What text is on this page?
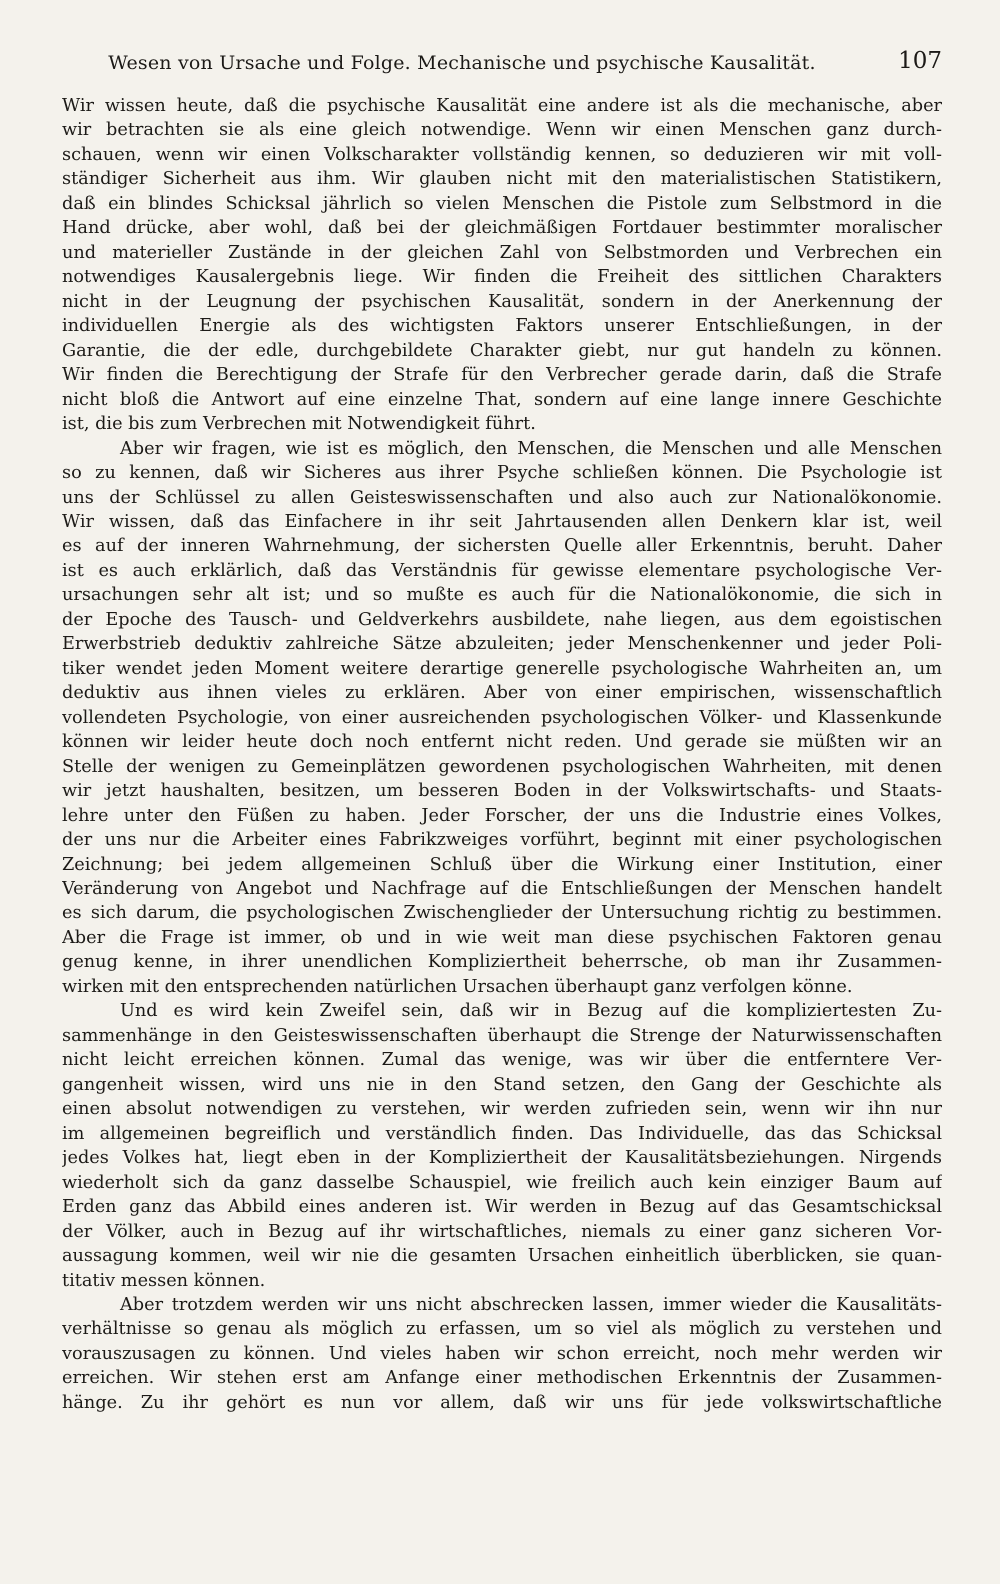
Wesen von Ursache und Folge. Mechanische und psychische Kausalität.	107
Wir wissen heute, daß die psychische Kausalität eine andere ist als die mechanische, aber
wir betrachten sie als eine gleich notwendige. Wenn wir einen Menschen ganz durch-
schauen, wenn wir einen Volkscharakter vollständig kennen, so deduzieren wir mit voll-
ständiger Sicherheit aus ihm. Wir glauben nicht mit den materialistischen Statistikern,
daß ein blindes Schicksal jährlich so vielen Menschen die Pistole zum Selbstmord in die
Hand drücke, aber wohl, daß bei der gleichmäßigen Fortdauer bestimmter moralischer
und materieller Zustände in der gleichen Zahl von Selbstmorden und Verbrechen ein
notwendiges Kausalergebnis liege. Wir finden die Freiheit des sittlichen Charakters
nicht in der Leugnung der psychischen Kausalität, sondern in der Anerkennung der
individuellen Energie als des wichtigsten Faktors unserer Entschließungen, in der
Garantie, die der edle, durchgebildete Charakter giebt, nur gut handeln zu können.
Wir finden die Berechtigung der Strafe für den Verbrecher gerade darin, daß die Strafe
nicht bloß die Antwort auf eine einzelne That, sondern auf eine lange innere Geschichte
ist, die bis zum Verbrechen mit Notwendigkeit führt.
Aber wir fragen, wie ist es möglich, den Menschen, die Menschen und alle Menschen
so zu kennen, daß wir Sicheres aus ihrer Psyche schließen können. Die Psychologie ist
uns der Schlüssel zu allen Geisteswissenschaften und also auch zur Nationalökonomie.
Wir wissen, daß das Einfachere in ihr seit Jahrtausenden allen Denkern klar ist, weil
es auf der inneren Wahrnehmung, der sichersten Quelle aller Erkenntnis, beruht. Daher
ist es auch erklärlich, daß das Verständnis für gewisse elementare psychologische Ver-
ursachungen sehr alt ist; und so mußte es auch für die Nationalökonomie, die sich in
der Epoche des Tausch- und Geldverkehrs ausbildete, nahe liegen, aus dem egoistischen
Erwerbstrieb deduktiv zahlreiche Sätze abzuleiten; jeder Menschenkenner und jeder Poli-
tiker wendet jeden Moment weitere derartige generelle psychologische Wahrheiten an, um
deduktiv aus ihnen vieles zu erklären. Aber von einer empirischen, wissenschaftlich
vollendeten Psychologie, von einer ausreichenden psychologischen Völker- und Klassenkunde
können wir leider heute doch noch entfernt nicht reden. Und gerade sie müßten wir an
Stelle der wenigen zu Gemeinplätzen gewordenen psychologischen Wahrheiten, mit denen
wir jetzt haushalten, besitzen, um besseren Boden in der Volkswirtschafts- und Staats-
lehre unter den Füßen zu haben. Jeder Forscher, der uns die Industrie eines Volkes,
der uns nur die Arbeiter eines Fabrikzweiges vorführt, beginnt mit einer psychologischen
Zeichnung; bei jedem allgemeinen Schluß über die Wirkung einer Institution, einer
Veränderung von Angebot und Nachfrage auf die Entschließungen der Menschen handelt
es sich darum, die psychologischen Zwischenglieder der Untersuchung richtig zu bestimmen.
Aber die Frage ist immer, ob und in wie weit man diese psychischen Faktoren genau
genug kenne, in ihrer unendlichen Kompliziertheit beherrsche, ob man ihr Zusammen-
wirken mit den entsprechenden natürlichen Ursachen überhaupt ganz verfolgen könne.
Und es wird kein Zweifel sein, daß wir in Bezug auf die kompliziertesten Zu-
sammenhänge in den Geisteswissenschaften überhaupt die Strenge der Naturwissenschaften
nicht leicht erreichen können. Zumal das wenige, was wir über die entferntere Ver-
gangenheit wissen, wird uns nie in den Stand setzen, den Gang der Geschichte als
einen absolut notwendigen zu verstehen, wir werden zufrieden sein, wenn wir ihn nur
im allgemeinen begreiflich und verständlich finden. Das Individuelle, das das Schicksal
jedes Volkes hat, liegt eben in der Kompliziertheit der Kausalitätsbeziehungen. Nirgends
wiederholt sich da ganz dasselbe Schauspiel, wie freilich auch kein einziger Baum auf
Erden ganz das Abbild eines anderen ist. Wir werden in Bezug auf das Gesamtschicksal
der Völker, auch in Bezug auf ihr wirtschaftliches, niemals zu einer ganz sicheren Vor-
aussagung kommen, weil wir nie die gesamten Ursachen einheitlich überblicken, sie quan-
titativ messen können.
Aber trotzdem werden wir uns nicht abschrecken lassen, immer wieder die Kausalitäts-
verhältnisse so genau als möglich zu erfassen, um so viel als möglich zu verstehen und
vorauszusagen zu können. Und vieles haben wir schon erreicht, noch mehr werden wir
erreichen. Wir stehen erst am Anfange einer methodischen Erkenntnis der Zusammen-
hänge. Zu ihr gehört es nun vor allem, daß wir uns für jede volkswirtschaftliche
